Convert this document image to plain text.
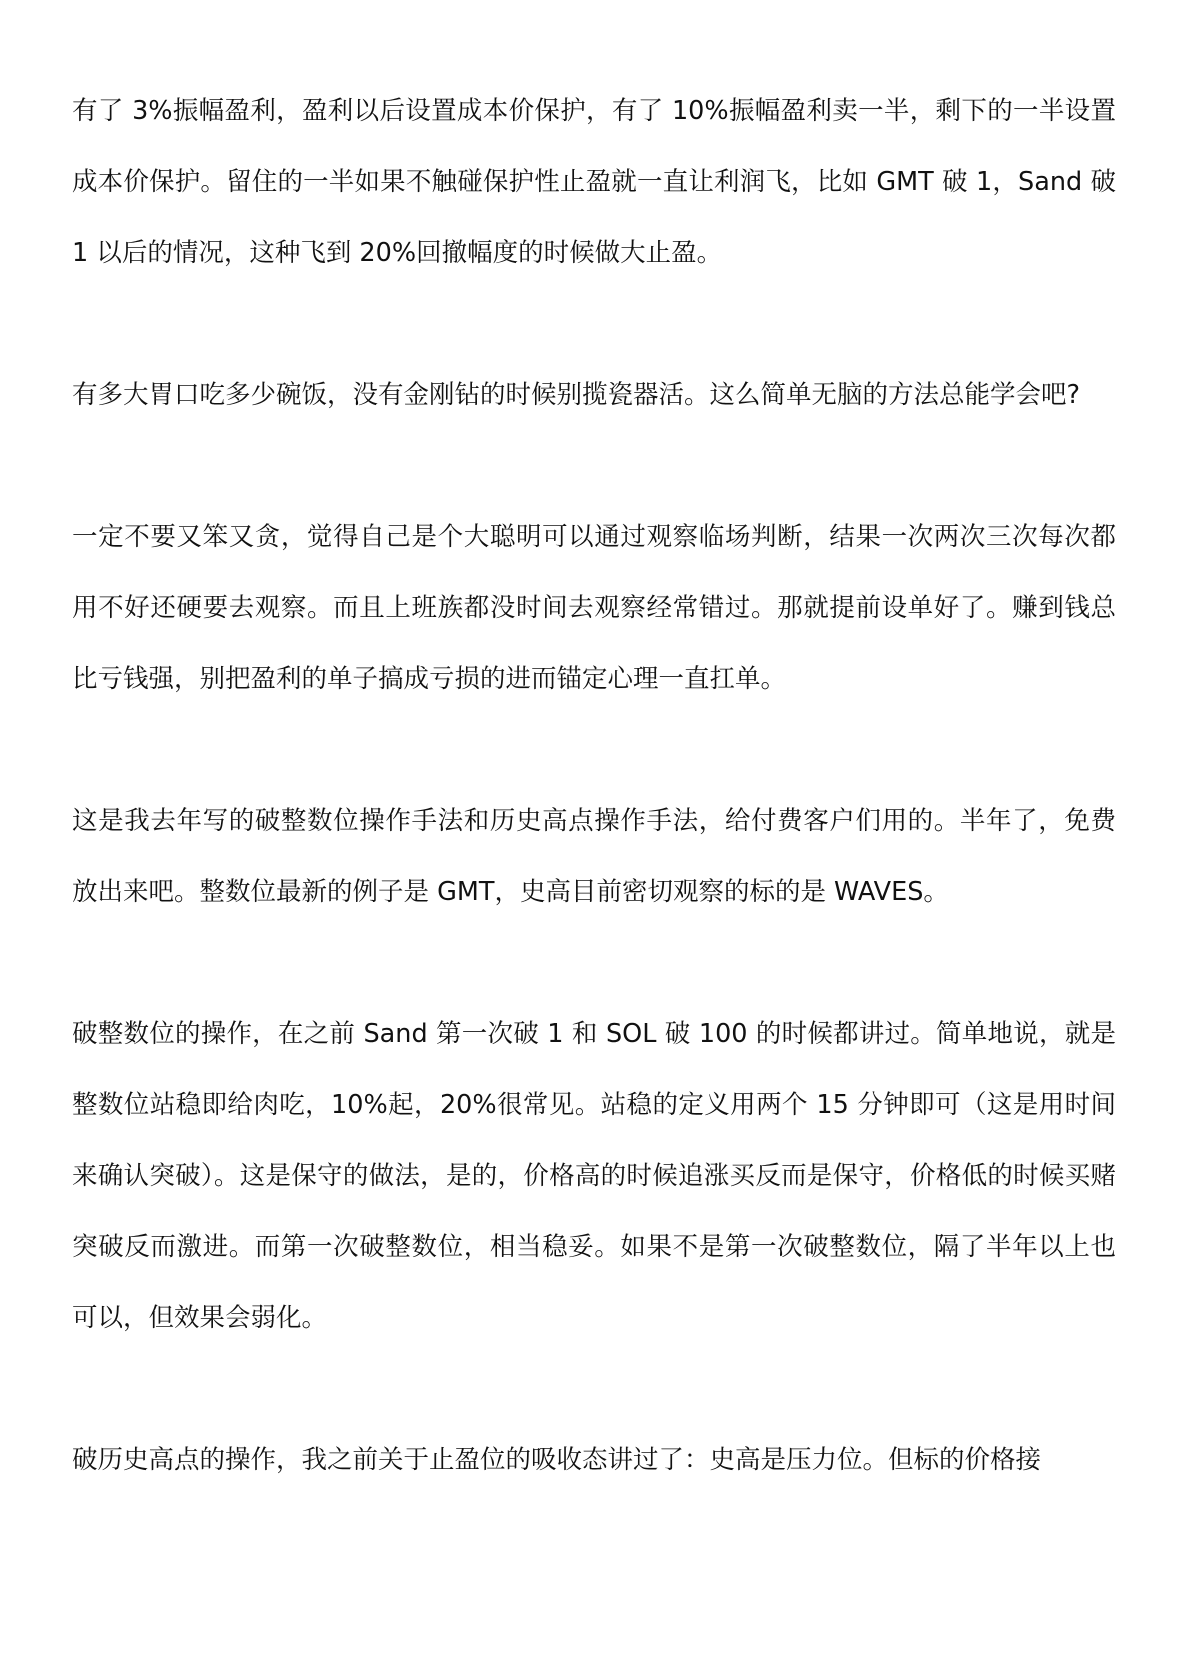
有了 3%振幅盈利，盈利以后设置成本价保护，有了 10%振幅盈利卖一半，剩下的一半设置成本价保护。留住的一半如果不触碰保护性止盈就一直让利润飞，比如 GMT 破 1，Sand 破 1 以后的情况，这种飞到 20%回撤幅度的时候做大止盈。

有多大胃口吃多少碗饭，没有金刚钻的时候别揽瓷器活。这么简单无脑的方法总能学会吧?

一定不要又笨又贪，觉得自己是个大聪明可以通过观察临场判断，结果一次两次三次每次都用不好还硬要去观察。而且上班族都没时间去观察经常错过。那就提前设单好了。赚到钱总比亏钱强，别把盈利的单子搞成亏损的进而锚定心理一直扛单。

这是我去年写的破整数位操作手法和历史高点操作手法，给付费客户们用的。半年了，免费放出来吧。整数位最新的例子是 GMT，史高目前密切观察的标的是 WAVES。

破整数位的操作，在之前 Sand 第一次破 1 和 SOL 破 100 的时候都讲过。简单地说，就是整数位站稳即给肉吃，10%起，20%很常见。站稳的定义用两个 15 分钟即可（这是用时间来确认突破）。这是保守的做法，是的，价格高的时候追涨买反而是保守，价格低的时候买赌突破反而激进。而第一次破整数位，相当稳妥。如果不是第一次破整数位，隔了半年以上也可以，但效果会弱化。

破历史高点的操作，我之前关于止盈位的吸收态讲过了：史高是压力位。但标的价格接
